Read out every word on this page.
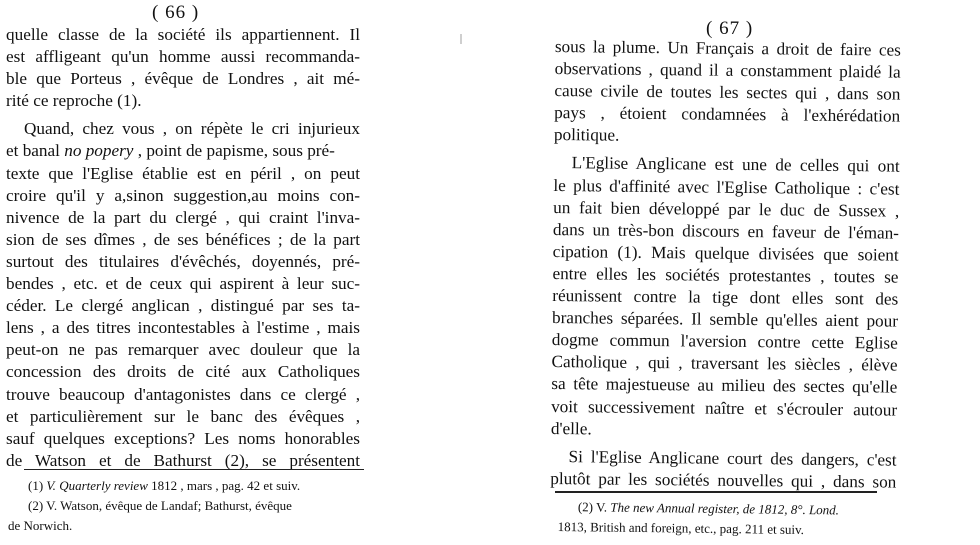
( 66 )
quelle classe de la société ils appartiennent. Il
est affligeant qu'un homme aussi recommanda-
ble que Porteus , évêque de Londres , ait mé-
rité ce reproche (1).
Quand, chez vous , on répète le cri injurieux
et banal no popery , point de papisme, sous pré-
texte que l'Eglise établie est en péril , on peut
croire qu'il y a,sinon suggestion,au moins con-
nivence de la part du clergé , qui craint l'inva-
sion de ses dîmes , de ses bénéfices ; de la part
surtout des titulaires d'évêchés, doyennés, pré-
bendes , etc. et de ceux qui aspirent à leur suc-
céder. Le clergé anglican , distingué par ses ta-
lens , a des titres incontestables à l'estime , mais
peut-on ne pas remarquer avec douleur que la
concession des droits de cité aux Catholiques
trouve beaucoup d'antagonistes dans ce clergé ,
et particulièrement sur le banc des évêques ,
sauf quelques exceptions? Les noms honorables
de Watson et de Bathurst (2), se présentent
(1) V. Quarterly review 1812 , mars , pag. 42 et suiv.
(2) V. Watson, évêque de Landaf; Bathurst, évêque
de Norwich.
( 67 )
sous la plume. Un Français a droit de faire ces
observations , quand il a constamment plaidé la
cause civile de toutes les sectes qui , dans son
pays , étoient condamnées à l'exhérédation
politique.
L'Eglise Anglicane est une de celles qui ont
le plus d'affinité avec l'Eglise Catholique : c'est
un fait bien développé par le duc de Sussex ,
dans un très-bon discours en faveur de l'éman-
cipation (1). Mais quelque divisées que soient
entre elles les sociétés protestantes , toutes se
réunissent contre la tige dont elles sont des
branches séparées. Il semble qu'elles aient pour
dogme commun l'aversion contre cette Eglise
Catholique , qui , traversant les siècles , élève
sa tête majestueuse au milieu des sectes qu'elle
voit successivement naître et s'écrouler autour
d'elle.
Si l'Eglise Anglicane court des dangers, c'est
plutôt par les sociétés nouvelles qui , dans son
(2) V. The new Annual register, de 1812, 8°. Lond.
1813, British and foreign, etc., pag. 211 et suiv.
